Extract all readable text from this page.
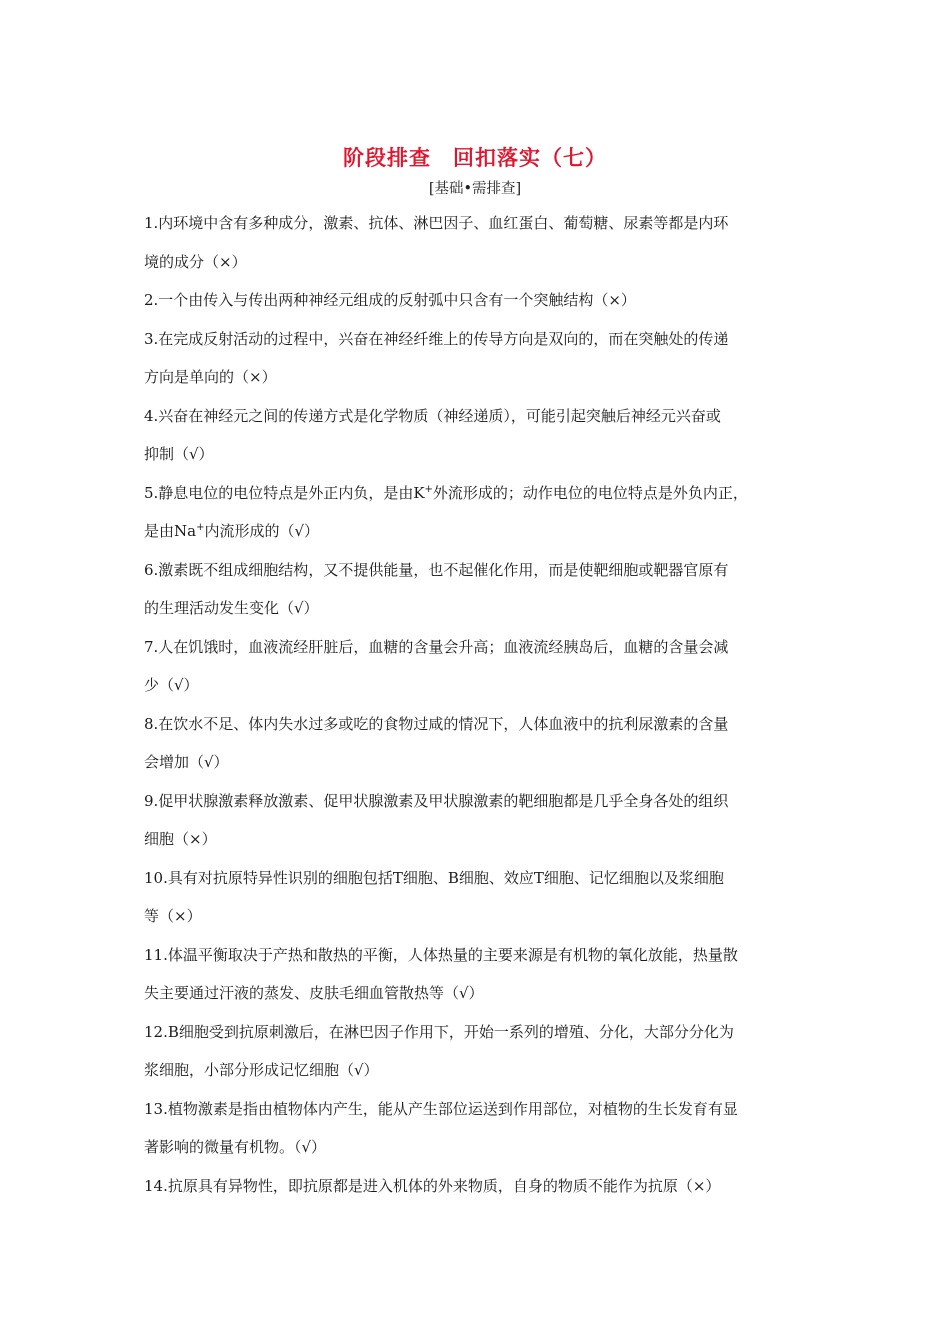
阶段排查　回扣落实（七）
[基础•需排查]

1.内环境中含有多种成分，激素、抗体、淋巴因子、血红蛋白、葡萄糖、尿素等都是内环
境的成分（×）

2.一个由传入与传出两种神经元组成的反射弧中只含有一个突触结构（×）

3.在完成反射活动的过程中，兴奋在神经纤维上的传导方向是双向的，而在突触处的传递
方向是单向的（×）

4.兴奋在神经元之间的传递方式是化学物质（神经递质），可能引起突触后神经元兴奋或
抑制（√）

5.静息电位的电位特点是外正内负，是由K+外流形成的；动作电位的电位特点是外负内正，
是由Na+内流形成的（√）

6.激素既不组成细胞结构，又不提供能量，也不起催化作用，而是使靶细胞或靶器官原有
的生理活动发生变化（√）

7.人在饥饿时，血液流经肝脏后，血糖的含量会升高；血液流经胰岛后，血糖的含量会减
少（√）

8.在饮水不足、体内失水过多或吃的食物过咸的情况下，人体血液中的抗利尿激素的含量
会增加（√）

9.促甲状腺激素释放激素、促甲状腺激素及甲状腺激素的靶细胞都是几乎全身各处的组织
细胞（×）

10.具有对抗原特异性识别的细胞包括T细胞、B细胞、效应T细胞、记忆细胞以及浆细胞
等（×）

11.体温平衡取决于产热和散热的平衡，人体热量的主要来源是有机物的氧化放能，热量散
失主要通过汗液的蒸发、皮肤毛细血管散热等（√）

12.B细胞受到抗原刺激后，在淋巴因子作用下，开始一系列的增殖、分化，大部分分化为
浆细胞，小部分形成记忆细胞（√）

13.植物激素是指由植物体内产生，能从产生部位运送到作用部位，对植物的生长发育有显
著影响的微量有机物。（√）

14.抗原具有异物性，即抗原都是进入机体的外来物质，自身的物质不能作为抗原（×）
